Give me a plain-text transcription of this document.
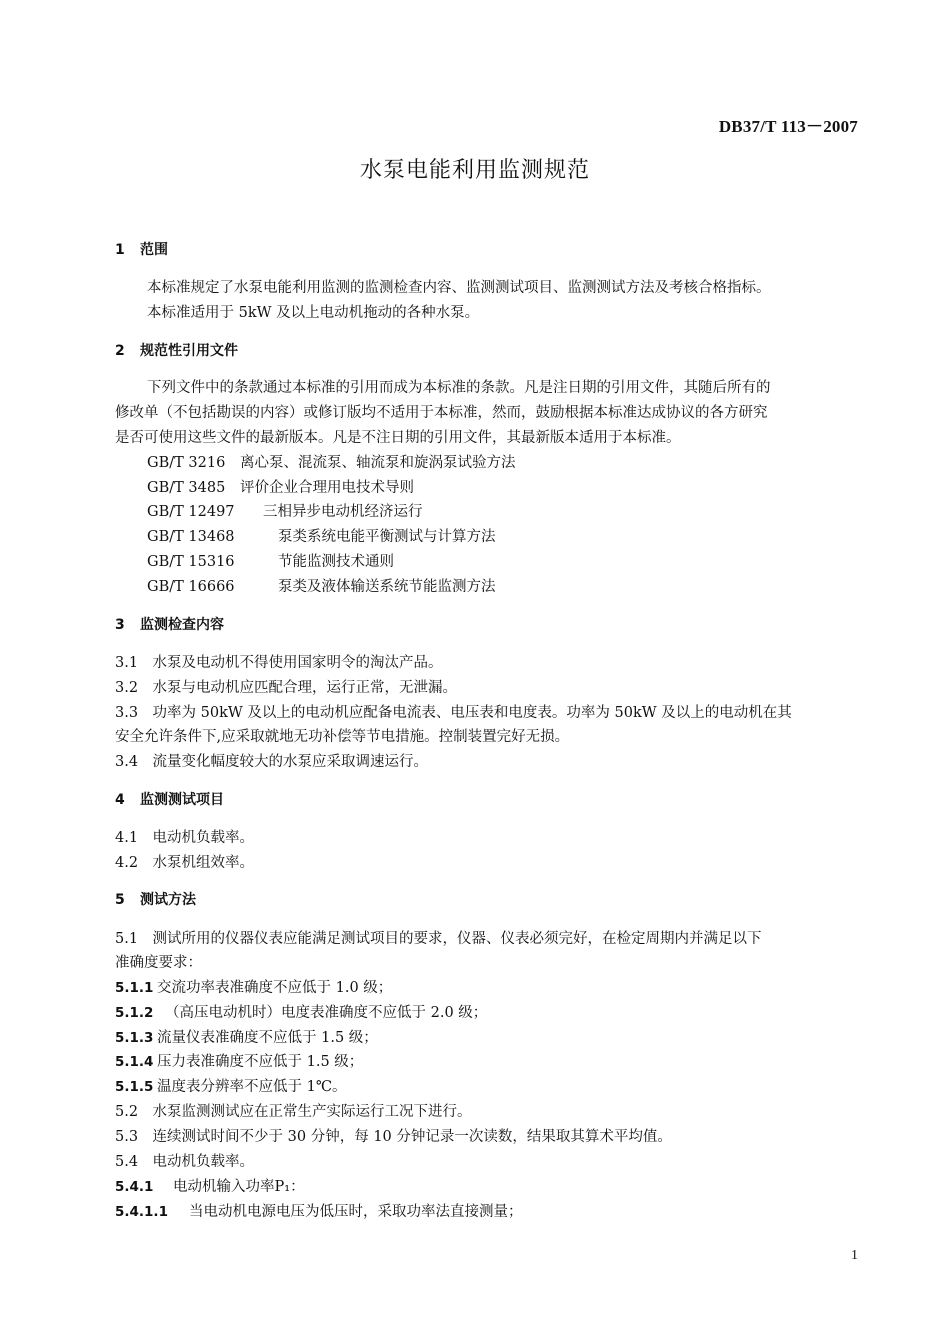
DB37/T 113－2007
水泵电能利用监测规范
1 范围
本标准规定了水泵电能利用监测的监测检查内容、监测测试项目、监测测试方法及考核合格指标。
本标准适用于 5kW 及以上电动机拖动的各种水泵。
2 规范性引用文件
下列文件中的条款通过本标准的引用而成为本标准的条款。凡是注日期的引用文件，其随后所有的
修改单（不包括勘误的内容）或修订版均不适用于本标准，然而，鼓励根据本标准达成协议的各方研究
是否可使用这些文件的最新版本。凡是不注日期的引用文件，其最新版本适用于本标准。
GB/T 3216 离心泵、混流泵、轴流泵和旋涡泵试验方法
GB/T 3485 评价企业合理用电技术导则
GB/T 12497 三相异步电动机经济运行
GB/T 13468	泵类系统电能平衡测试与计算方法
GB/T 15316	节能监测技术通则
GB/T 16666	泵类及液体输送系统节能监测方法
3 监测检查内容
3.1　水泵及电动机不得使用国家明令的淘汰产品。
3.2　水泵与电动机应匹配合理，运行正常，无泄漏。
3.3　功率为 50kW 及以上的电动机应配备电流表、电压表和电度表。功率为 50kW 及以上的电动机在其
安全允许条件下,应采取就地无功补偿等节电措施。控制装置完好无损。
3.4　流量变化幅度较大的水泵应采取调速运行。
4 监测测试项目
4.1　电动机负载率。
4.2　水泵机组效率。
5 测试方法
5.1　测试所用的仪器仪表应能满足测试项目的要求，仪器、仪表必须完好，在检定周期内并满足以下
准确度要求：
5.1.1 交流功率表准确度不应低于 1.0 级；
5.1.2 （高压电动机时）电度表准确度不应低于 2.0 级；
5.1.3 流量仪表准确度不应低于 1.5 级；
5.1.4 压力表准确度不应低于 1.5 级；
5.1.5 温度表分辨率不应低于 1℃。
5.2　水泵监测测试应在正常生产实际运行工况下进行。
5.3　连续测试时间不少于 30 分钟，每 10 分钟记录一次读数，结果取其算术平均值。
5.4　电动机负载率。
5.4.1 电动机输入功率P₁：
5.4.1.1 当电动机电源电压为低压时，采取功率法直接测量；
1
